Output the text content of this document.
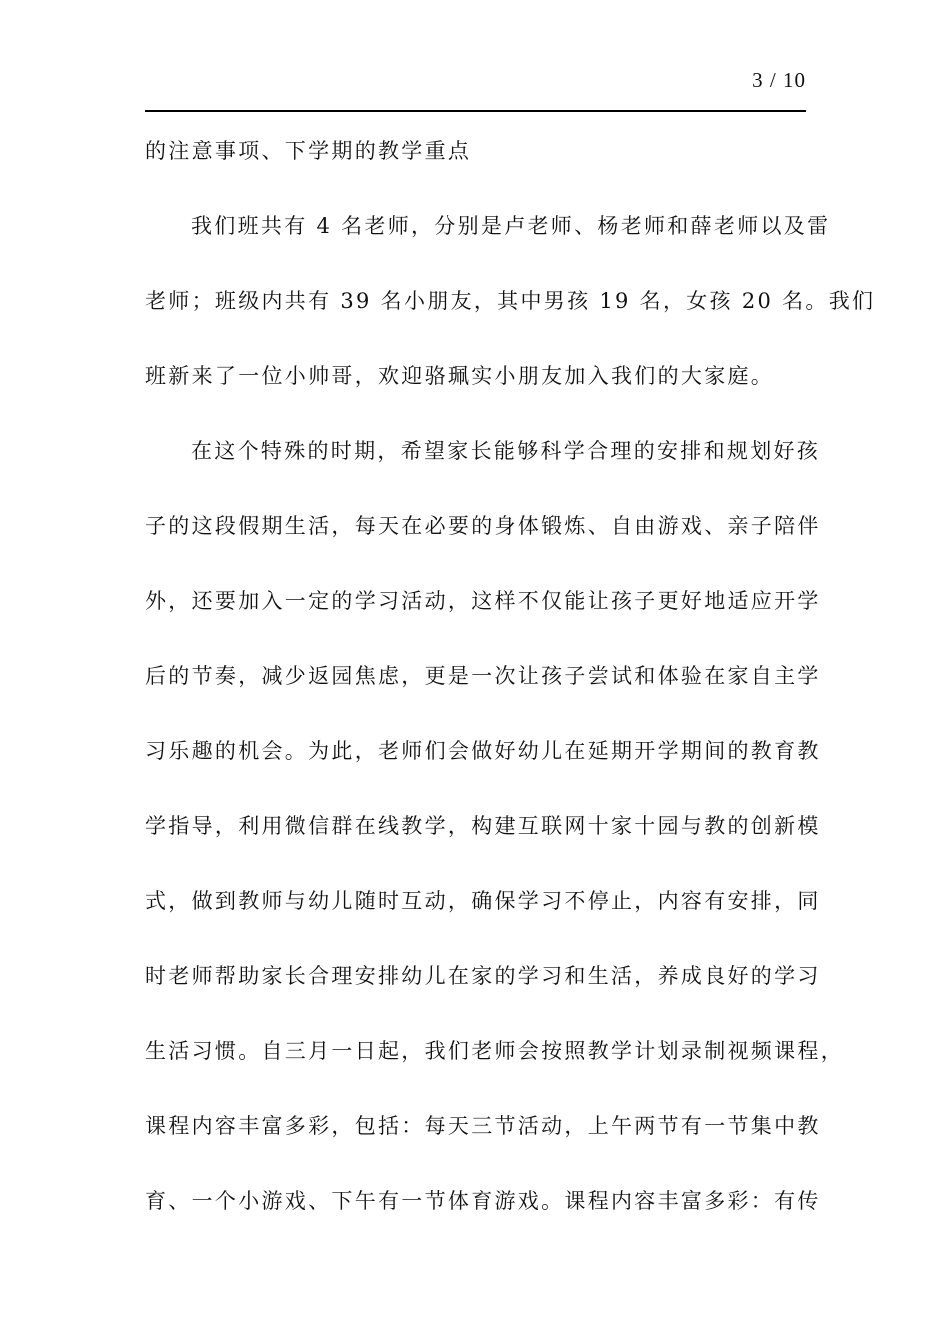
3 / 10
的注意事项、下学期的教学重点
我们班共有 4 名老师，分别是卢老师、杨老师和薛老师以及雷
老师；班级内共有 39 名小朋友，其中男孩 19 名，女孩 20 名。我们
班新来了一位小帅哥，欢迎骆珮实小朋友加入我们的大家庭。
在这个特殊的时期，希望家长能够科学合理的安排和规划好孩
子的这段假期生活，每天在必要的身体锻炼、自由游戏、亲子陪伴
外，还要加入一定的学习活动，这样不仅能让孩子更好地适应开学
后的节奏，减少返园焦虑，更是一次让孩子尝试和体验在家自主学
习乐趣的机会。为此，老师们会做好幼儿在延期开学期间的教育教
学指导，利用微信群在线教学，构建互联网十家十园与教的创新模
式，做到教师与幼儿随时互动，确保学习不停止，内容有安排，同
时老师帮助家长合理安排幼儿在家的学习和生活，养成良好的学习
生活习惯。自三月一日起，我们老师会按照教学计划录制视频课程，
课程内容丰富多彩，包括：每天三节活动，上午两节有一节集中教
育、一个小游戏、下午有一节体育游戏。课程内容丰富多彩：有传
